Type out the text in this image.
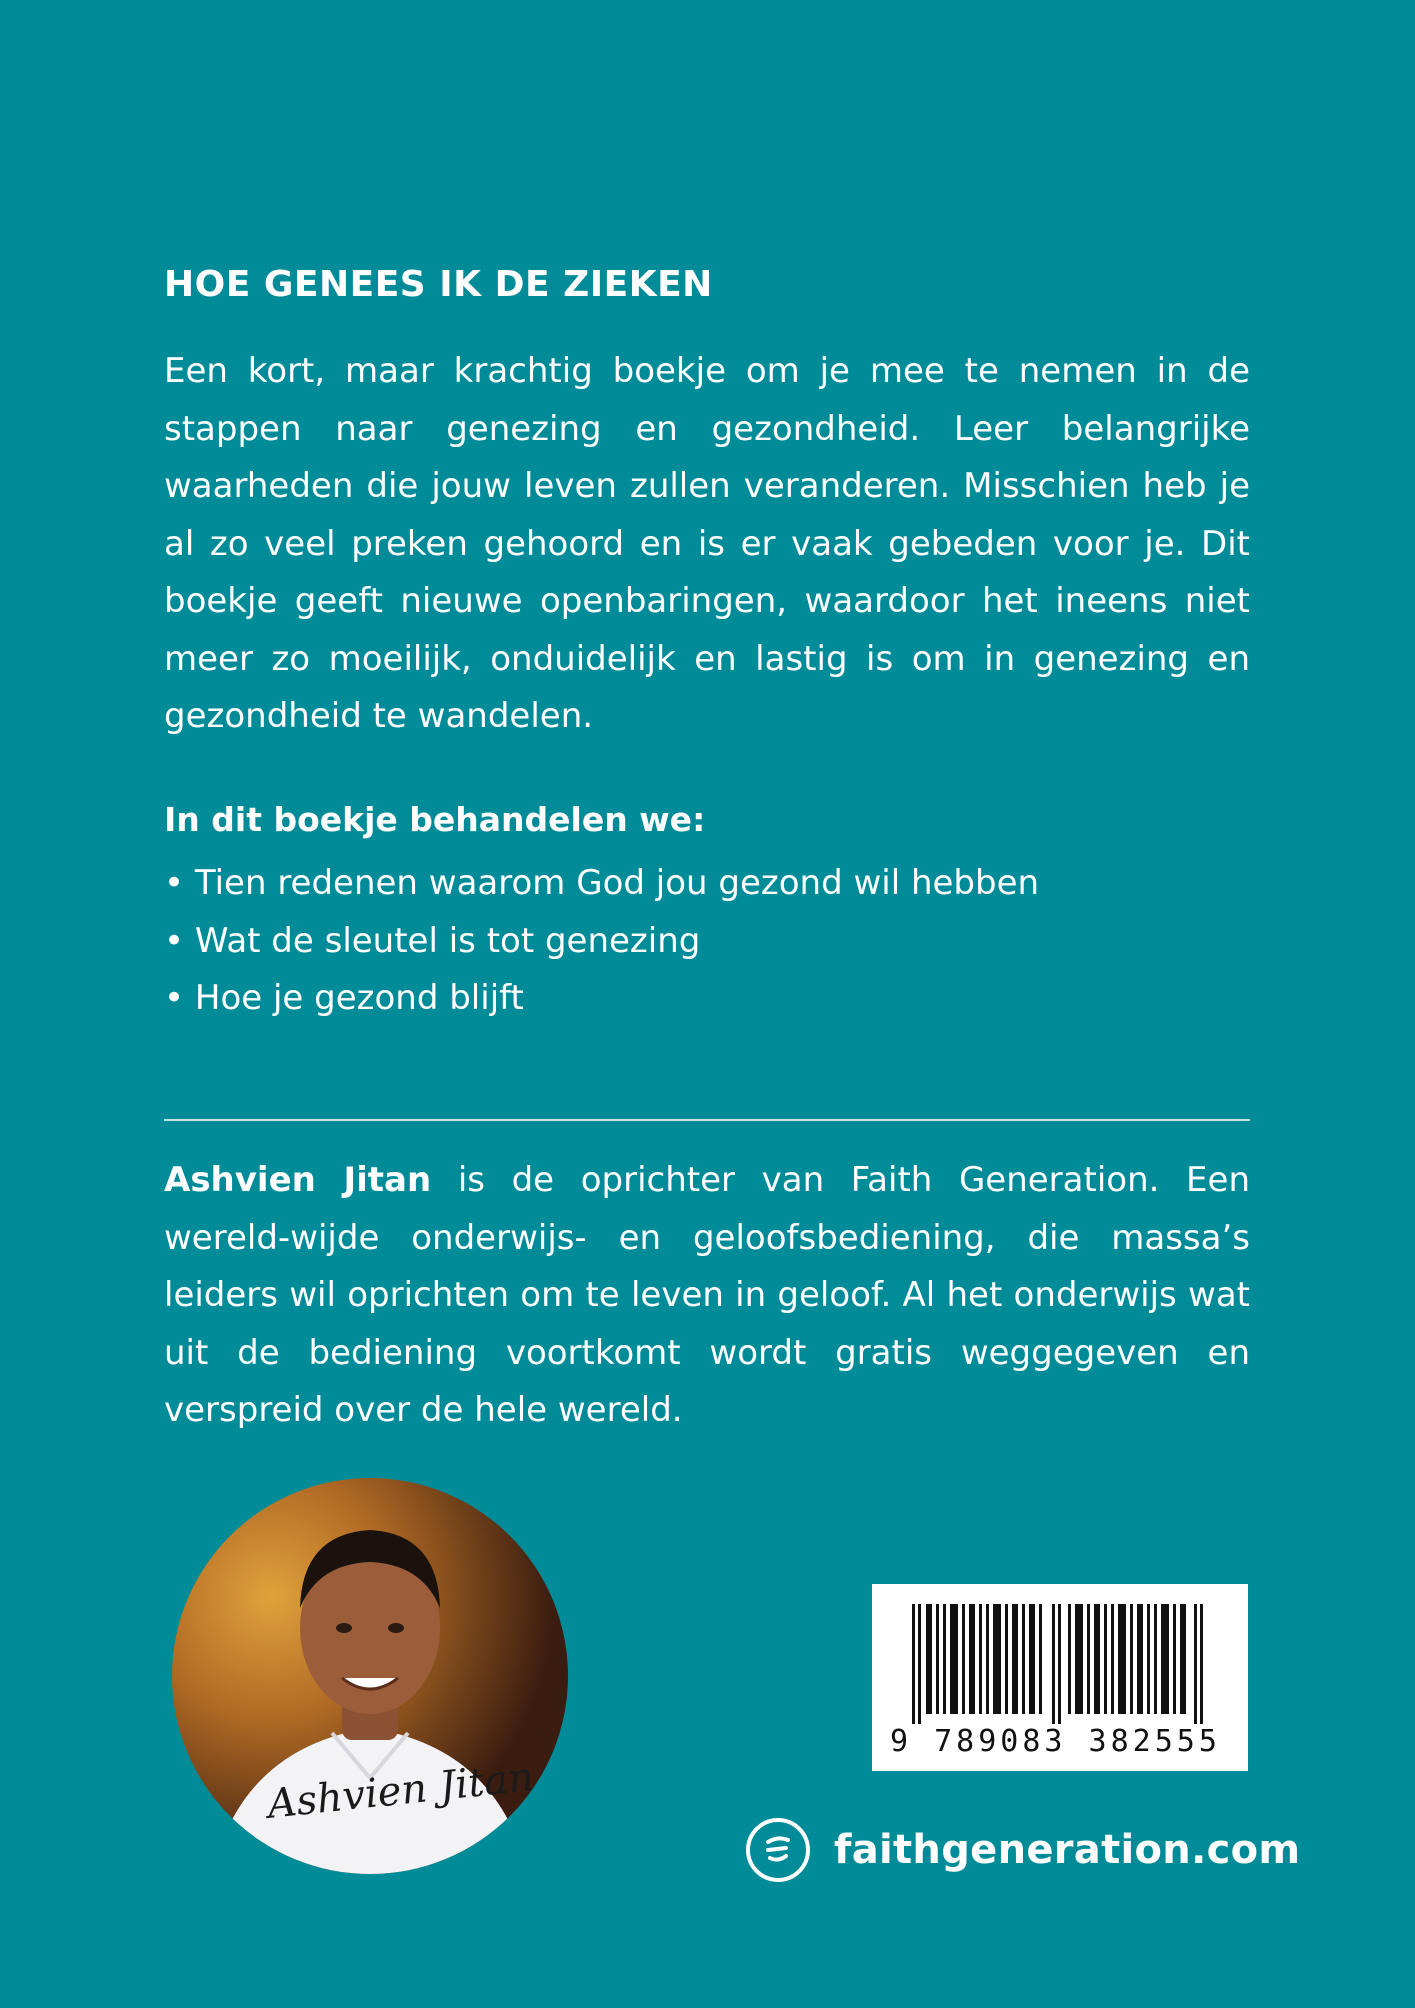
HOE GENEES IK DE ZIEKEN

Een kort, maar krachtig boekje om je mee te nemen in de stappen naar genezing en gezondheid. Leer belangrijke waarheden die jouw leven zullen veranderen. Misschien heb je al zo veel preken gehoord en is er vaak gebeden voor je. Dit boekje geeft nieuwe openbaringen, waardoor het ineens niet meer zo moeilijk, onduidelijk en lastig is om in genezing en gezondheid te wandelen.

In dit boekje behandelen we:

• Tien redenen waarom God jou gezond wil hebben
• Wat de sleutel is tot genezing
• Hoe je gezond blijft

Ashvien Jitan is de oprichter van Faith Generation. Een wereld-wijde onderwijs- en geloofsbediening, die massa’s leiders wil oprichten om te leven in geloof. Al het onderwijs wat uit de bediening voortkomt wordt gratis weggegeven en verspreid over de hele wereld.

Ashvien Jitan
9 789083 382555
faithgeneration.com
